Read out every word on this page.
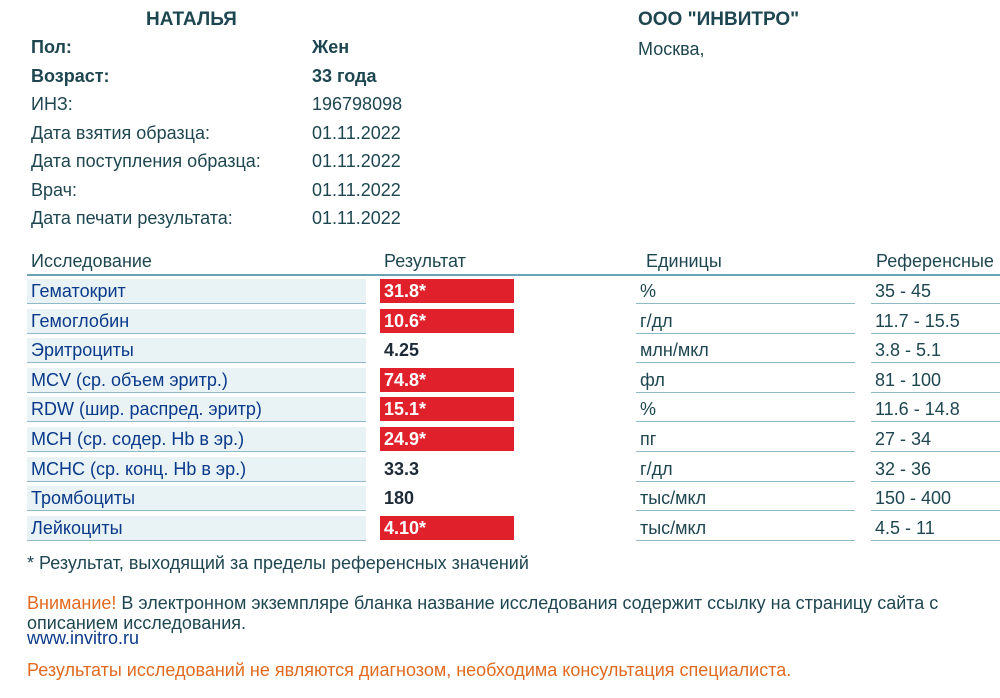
НАТАЛЬЯ	ООО "ИНВИТРО"
Москва,
Пол:	Жен
Возраст:	33 года
ИНЗ:	196798098
Дата взятия образца:	01.11.2022
Дата поступления образца:	01.11.2022
Врач:	01.11.2022
Дата печати результата:	01.11.2022
Исследование	Результат	Единицы	Референсные
Гематокрит	31.8*	%	35 - 45
Гемоглобин	10.6*	г/дл	11.7 - 15.5
Эритроциты	4.25	млн/мкл	3.8 - 5.1
MCV (ср. объем эритр.)	74.8*	фл	81 - 100
RDW (шир. распред. эритр)	15.1*	%	11.6 - 14.8
MCH (ср. содер. Hb в эр.)	24.9*	пг	27 - 34
MCHC (ср. конц. Hb в эр.)	33.3	г/дл	32 - 36
Тромбоциты	180	тыс/мкл	150 - 400
Лейкоциты	4.10*	тыс/мкл	4.5 - 11
* Результат, выходящий за пределы референсных значений
Внимание! В электронном экземпляре бланка название исследования содержит ссылку на страницу сайта с описанием исследования.
www.invitro.ru
Результаты исследований не являются диагнозом, необходима консультация специалиста.
